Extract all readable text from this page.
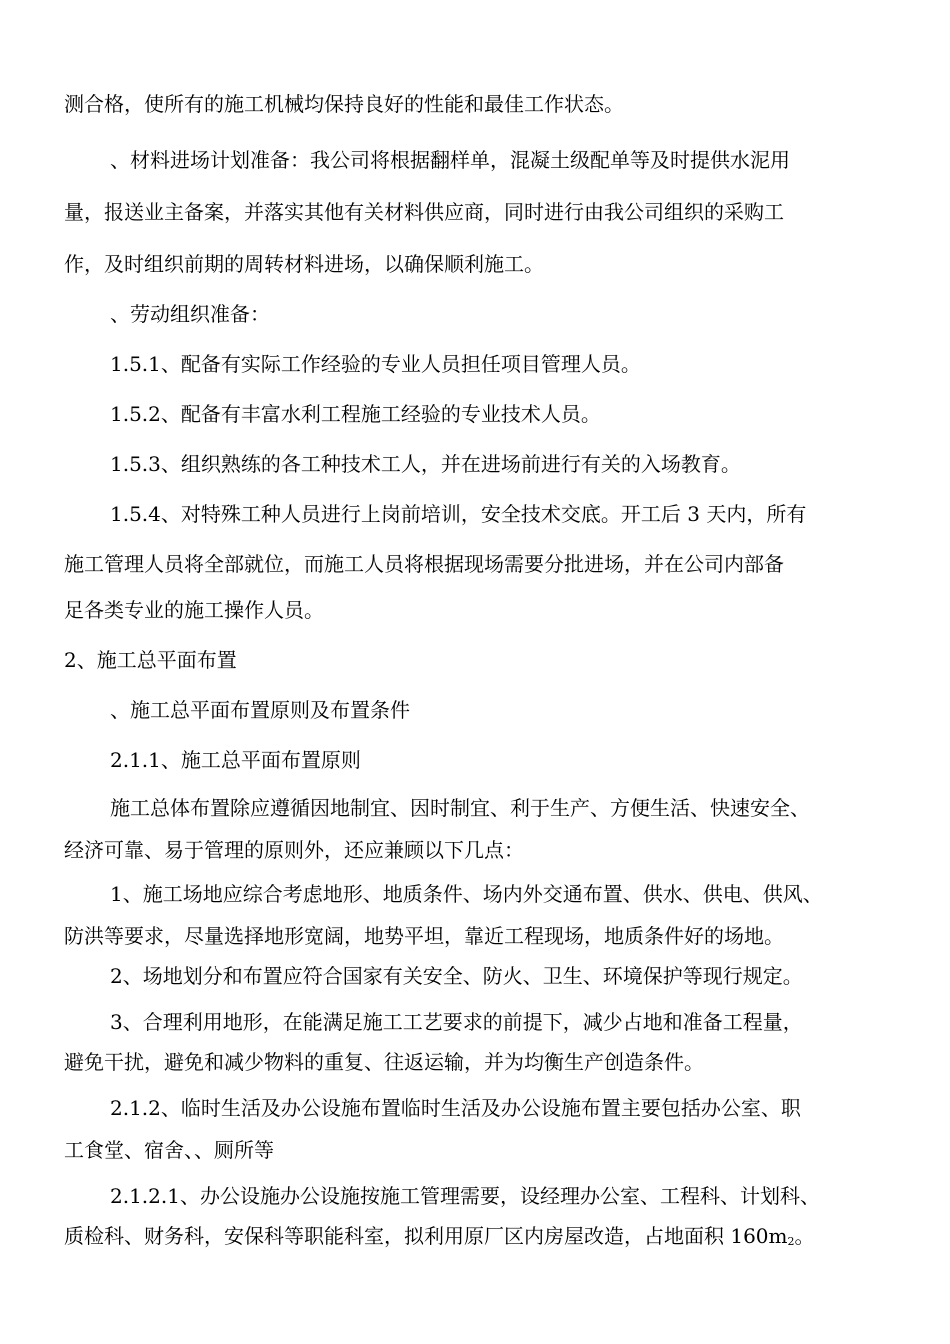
测合格，使所有的施工机械均保持良好的性能和最佳工作状态。

、材料进场计划准备：我公司将根据翻样单，混凝土级配单等及时提供水泥用

量，报送业主备案，并落实其他有关材料供应商，同时进行由我公司组织的采购工

作，及时组织前期的周转材料进场，以确保顺利施工。

、劳动组织准备：

1.5.1、配备有实际工作经验的专业人员担任项目管理人员。

1.5.2、配备有丰富水利工程施工经验的专业技术人员。

1.5.3、组织熟练的各工种技术工人，并在进场前进行有关的入场教育。

1.5.4、对特殊工种人员进行上岗前培训，安全技术交底。开工后 3 天内，所有

施工管理人员将全部就位，而施工人员将根据现场需要分批进场，并在公司内部备

足各类专业的施工操作人员。

2、施工总平面布置

、施工总平面布置原则及布置条件

2.1.1、施工总平面布置原则

施工总体布置除应遵循因地制宜、因时制宜、利于生产、方便生活、快速安全、

经济可靠、易于管理的原则外，还应兼顾以下几点：

1、施工场地应综合考虑地形、地质条件、场内外交通布置、供水、供电、供风、

防洪等要求，尽量选择地形宽阔，地势平坦，靠近工程现场，地质条件好的场地。

2、场地划分和布置应符合国家有关安全、防火、卫生、环境保护等现行规定。

3、合理利用地形，在能满足施工工艺要求的前提下，减少占地和准备工程量，

避免干扰，避免和减少物料的重复、往返运输，并为均衡生产创造条件。

2.1.2、临时生活及办公设施布置临时生活及办公设施布置主要包括办公室、职

工食堂、宿舍、、厕所等

2.1.2.1、办公设施办公设施按施工管理需要，设经理办公室、工程科、计划科、

质检科、财务科，安保科等职能科室，拟利用原厂区内房屋改造，占地面积 160m2。
